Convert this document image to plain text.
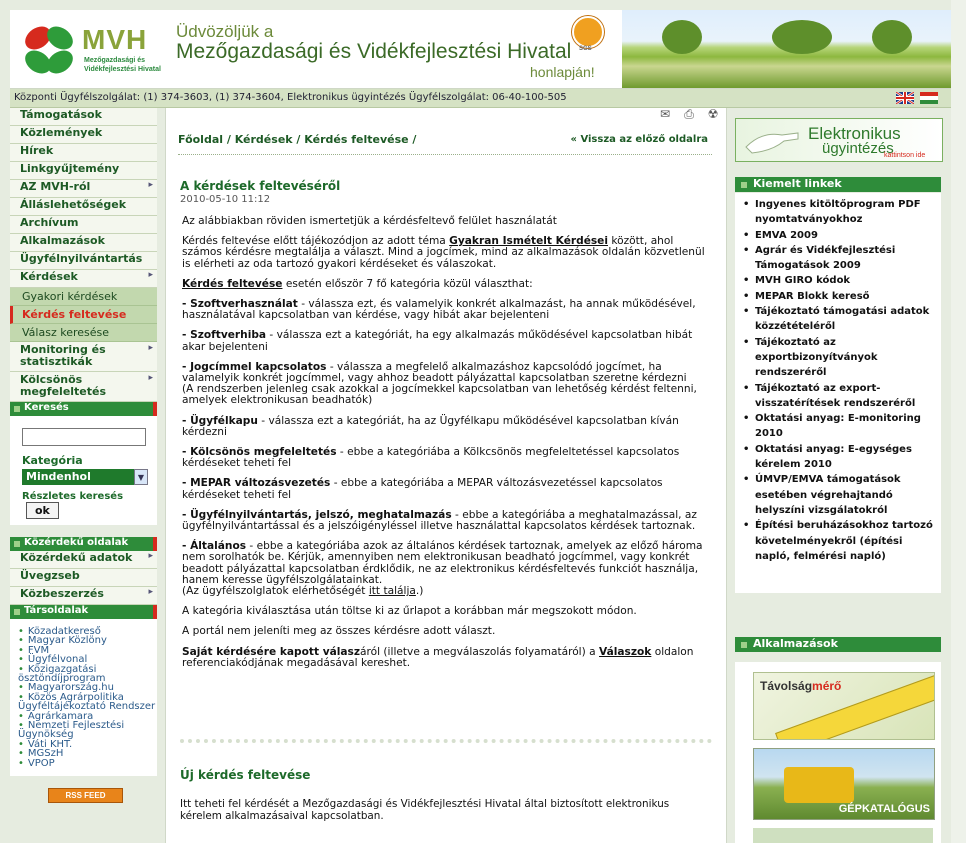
MVH
Mezőgazdasági és Vidékfejlesztési Hivatal
Üdvözöljük a
Mezőgazdasági és Vidékfejlesztési Hivatal
honlapján!
SGS
Központi Ügyfélszolgálat: (1) 374-3603, (1) 374-3604, Elektronikus ügyintézés Ügyfélszolgálat: 06-40-100-505
Támogatások
Közlemények
Hírek
Linkgyűjtemény
AZ MVH-ról	▸
Álláslehetőségek
Archívum
Alkalmazások
Ügyfélnyilvántartás
Kérdések	▸
Gyakori kérdések
Kérdés feltevése
Válasz keresése
Monitoring és statisztikák
▸
Kölcsönös megfeleltetés
▸
Keresés
Kategória
Mindenhol	▼
Részletes keresésok
Közérdekű oldalak
Közérdekű adatok ▸
Üvegzseb
Közbeszerzés	▸
Társoldalak
• Közadatkereső
• Magyar Közlöny
• FVM
• Ügyfélvonal
• Közigazgatási ösztöndíjprogram
• Magyarország.hu
• Közös Agrárpolitika Ügyféltájékoztató Rendszer
• Agrárkamara
• Nemzeti Fejlesztési Ügynökség
• Váti KHT.
• MGSzH
• VPOP
RSS FEED
✉ ⎙ ☢
Főoldal / Kérdések / Kérdés feltevése /	« Vissza az előző oldalra
A kérdések feltevéséről
2010-05-10 11:12

Az alábbiakban röviden ismertetjük a kérdésfeltevő felület használatát

Kérdés feltevése előtt tájékozódjon az adott téma Gyakran Ismételt Kérdései között, ahol számos kérdésre megtalálja a választ. Mind a jogcímek, mind az alkalmazások oldalán közvetlenül is elérheti az oda tartozó gyakori kérdéseket és válaszokat.

Kérdés feltevése esetén először 7 fő kategória közül választhat:

- Szoftverhasználat - válassza ezt, és valamelyik konkrét alkalmazást, ha annak működésével, használatával kapcsolatban van kérdése, vagy hibát akar bejelenteni

- Szoftverhiba - válassza ezt a kategóriát, ha egy alkalmazás működésével kapcsolatban hibát akar bejelenteni

- Jogcímmel kapcsolatos - válassza a megfelelő alkalmazáshoz kapcsolódó jogcímet, ha valamelyik konkrét jogcímmel, vagy ahhoz beadott pályázattal kapcsolatban szeretne kérdezni
(A rendszerben jelenleg csak azokkal a jogcímekkel kapcsolatban van lehetőség kérdést feltenni, amelyek elektronikusan beadhatók)

- Ügyfélkapu - válassza ezt a kategóriát, ha az Ügyfélkapu működésével kapcsolatban kíván kérdezni

- Kölcsönös megfeleltetés - ebbe a kategóriába a Kölkcsönös megfeleltetéssel kapcsolatos kérdéseket teheti fel

- MEPAR változásvezetés - ebbe a kategóriába a MEPAR változásvezetéssel kapcsolatos kérdéseket teheti fel

- Ügyfélnyilvántartás, jelszó, meghatalmazás - ebbe a kategóriába a meghatalmazással, az ügyfélnyilvántartással és a jelszóigényléssel illetve használattal kapcsolatos kérdések tartoznak.

- Általános - ebbe a kategóriába azok az általános kérdések tartoznak, amelyek az előző hároma nem sorolhatók be. Kérjük, amennyiben nem elektronikusan beadható jogcímmel, vagy konkrét beadott pályázattal kapcsolatban érdklődik, ne az elektronikus kérdésfeltevés funkciót használja, hanem keresse ügyfélszolgálatainkat.
(Az ügyfélszolglatok elérhetőségét itt találja.)

A kategória kiválasztása után töltse ki az űrlapot a korábban már megszokott módon.

A portál nem jeleníti meg az összes kérdésre adott választ.

Saját kérdésére kapott válaszáról (illetve a megválaszolás folyamatáról) a Válaszok oldalon referenciakódjának megadásával kereshet.

Új kérdés feltevése
Itt teheti fel kérdését a Mezőgazdasági és Vidékfejlesztési Hivatal által biztosított elektronikus kérelem alkalmazásaival kapcsolatban.
Elektronikus
ügyintézés
kattintson ide
Kiemelt linkek
• Ingyenes kitöltőprogram PDF nyomtatványokhoz
• EMVA 2009
• Agrár és Vidékfejlesztési Támogatások 2009
• MVH GIRO kódok
• MEPAR Blokk kereső
• Tájékoztató támogatási adatok közzétételéről
• Tájékoztató az exportbizonyítványok rendszeréről
• Tájékoztató az export-visszatérítések rendszeréről
• Oktatási anyag: E-monitoring 2010
• Oktatási anyag: E-egységes kérelem 2010
• ÚMVP/EMVA támogatások esetében végrehajtandó helyszíni vizsgálatokról
• Építési beruházásokhoz tartozó követelményekről (építési napló, felmérési napló)
Alkalmazások
Távolságmérő
GÉPKATALÓGUS
